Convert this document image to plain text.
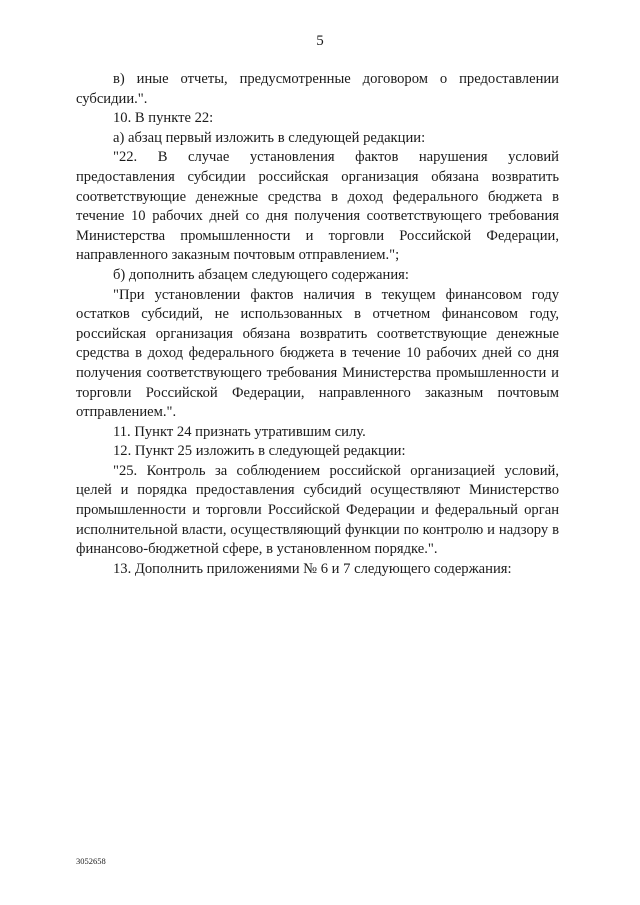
5

в) иные отчеты, предусмотренные договором о предоставлении субсидии.".

10. В пункте 22:

а) абзац первый изложить в следующей редакции:

"22. В случае установления фактов нарушения условий предоставления субсидии российская организация обязана возвратить соответствующие денежные средства в доход федерального бюджета в течение 10 рабочих дней со дня получения соответствующего требования Министерства промышленности и торговли Российской Федерации, направленного заказным почтовым отправлением.";

б) дополнить абзацем следующего содержания:

"При установлении фактов наличия в текущем финансовом году остатков субсидий, не использованных в отчетном финансовом году, российская организация обязана возвратить соответствующие денежные средства в доход федерального бюджета в течение 10 рабочих дней со дня получения соответствующего требования Министерства промышленности и торговли Российской Федерации, направленного заказным почтовым отправлением.".

11. Пункт 24 признать утратившим силу.

12. Пункт 25 изложить в следующей редакции:

"25. Контроль за соблюдением российской организацией условий, целей и порядка предоставления субсидий осуществляют Министерство промышленности и торговли Российской Федерации и федеральный орган исполнительной власти, осуществляющий функции по контролю и надзору в финансово-бюджетной сфере, в установленном порядке.".

13. Дополнить приложениями № 6 и 7 следующего содержания:

3052658
